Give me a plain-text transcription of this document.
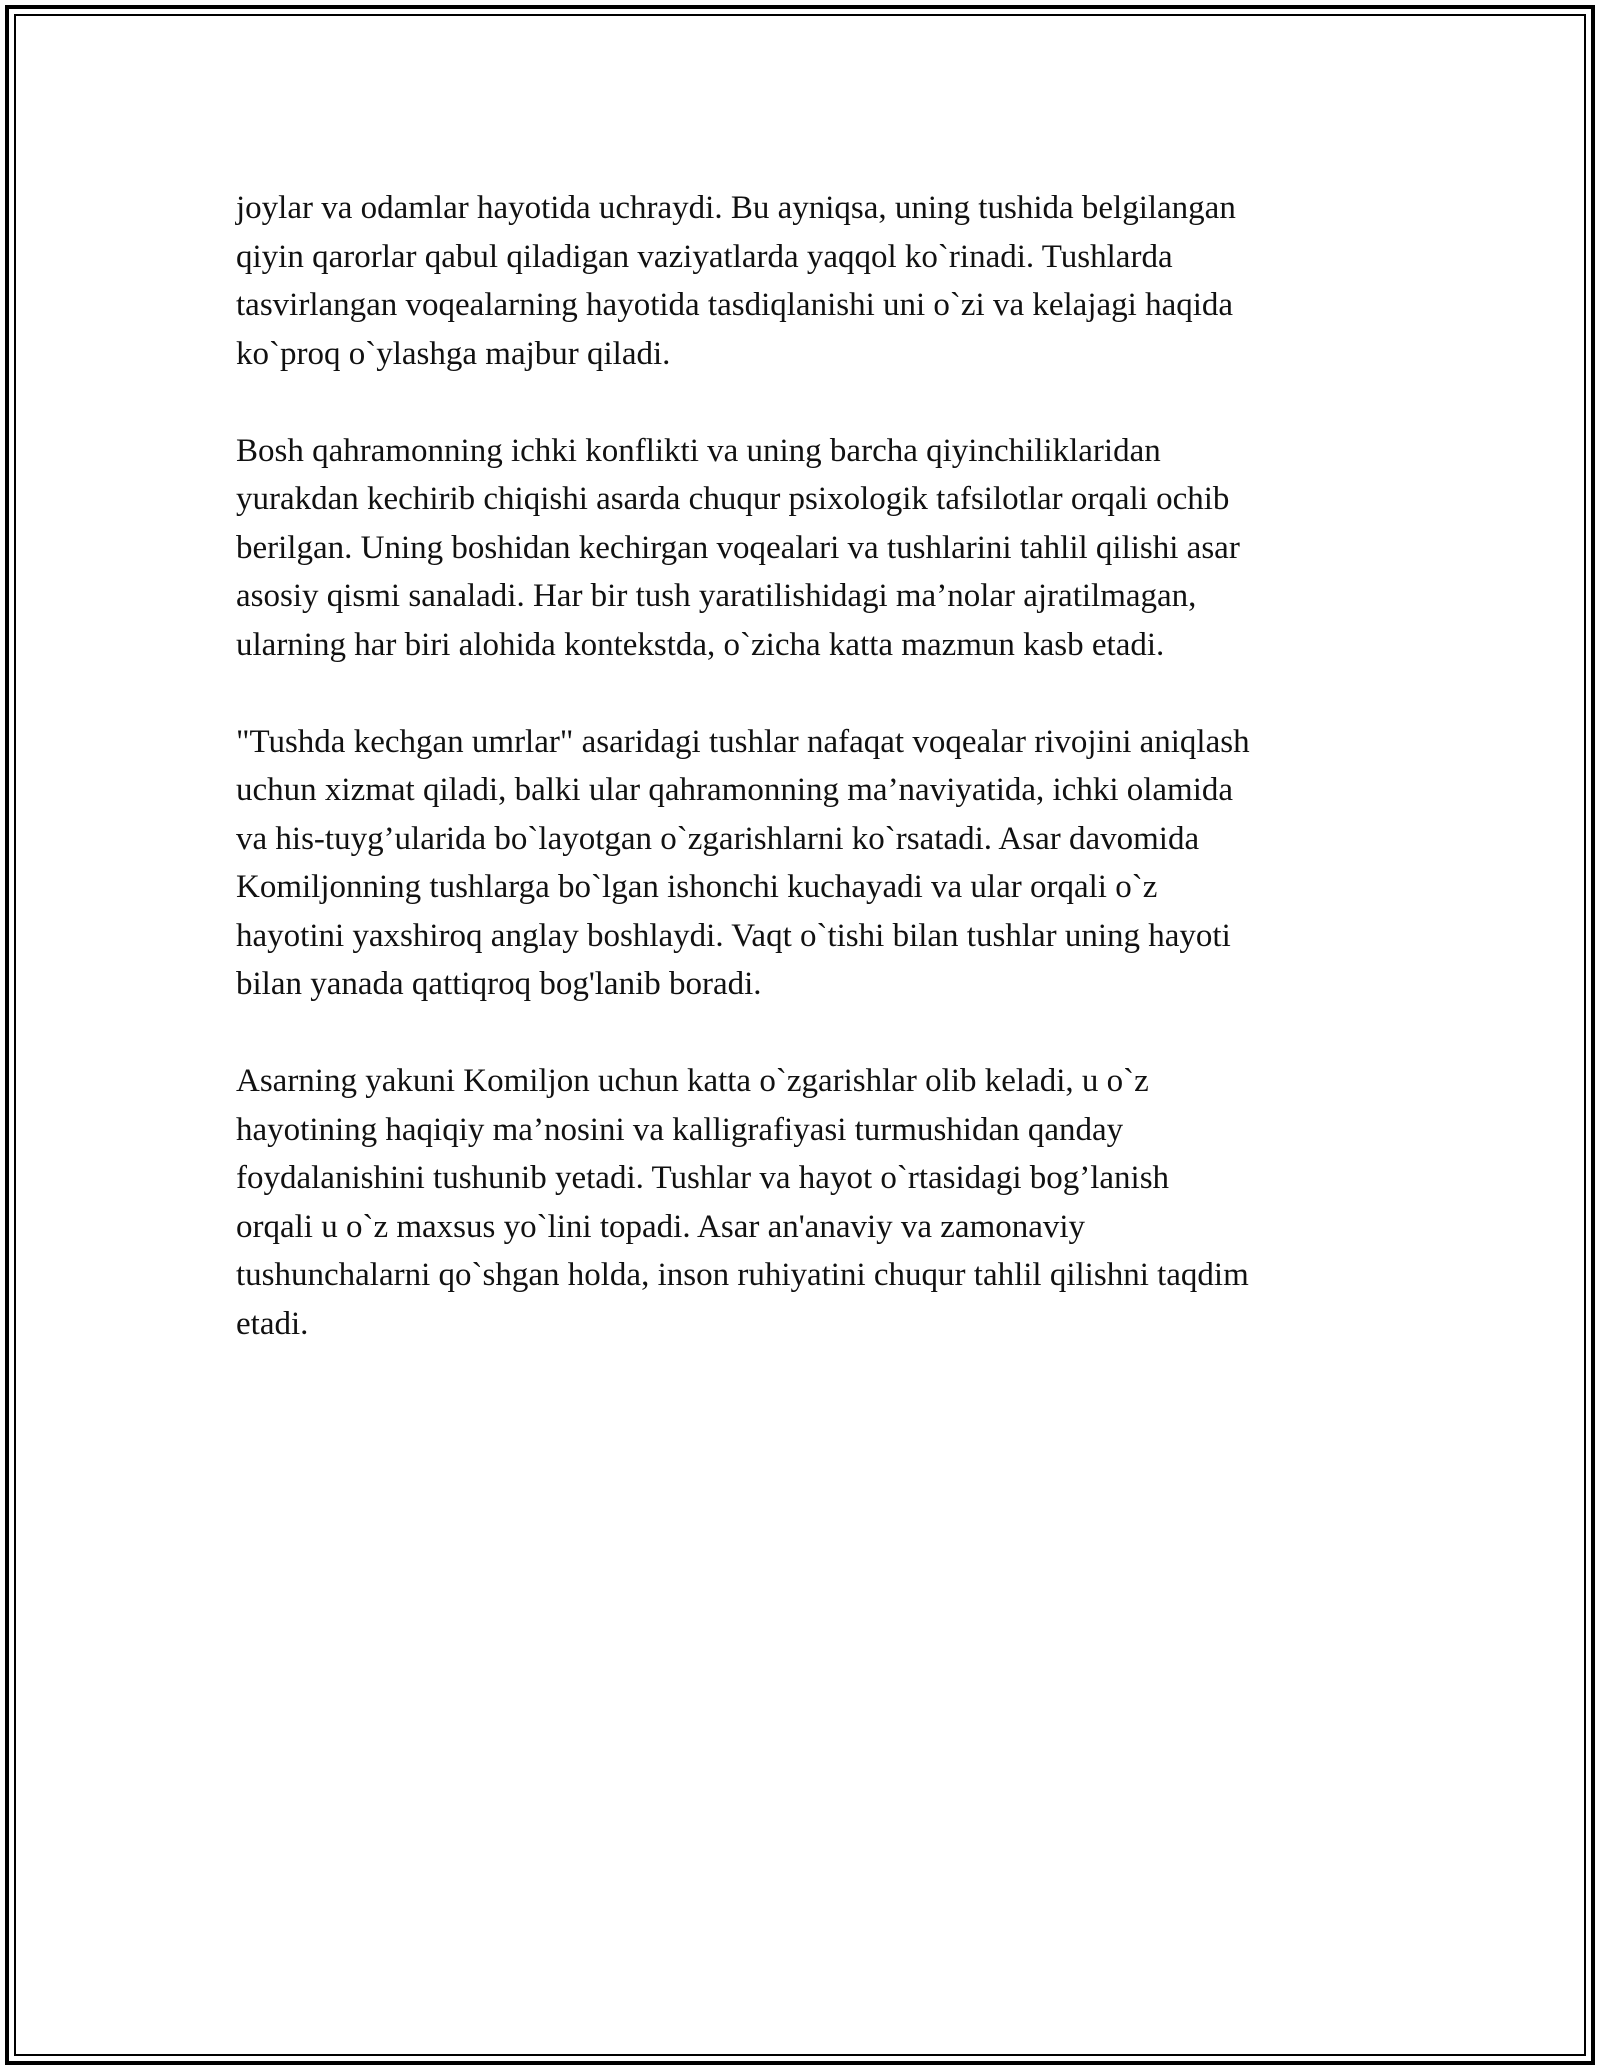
joylar va odamlar hayotida uchraydi. Bu ayniqsa, uning tushida belgilangan
qiyin qarorlar qabul qiladigan vaziyatlarda yaqqol ko`rinadi. Tushlarda
tasvirlangan voqealarning hayotida tasdiqlanishi uni o`zi va kelajagi haqida
ko`proq o`ylashga majbur qiladi.

Bosh qahramonning ichki konflikti va uning barcha qiyinchiliklaridan
yurakdan kechirib chiqishi asarda chuqur psixologik tafsilotlar orqali ochib
berilgan. Uning boshidan kechirgan voqealari va tushlarini tahlil qilishi asar
asosiy qismi sanaladi. Har bir tush yaratilishidagi ma’nolar ajratilmagan,
ularning har biri alohida kontekstda, o`zicha katta mazmun kasb etadi.

"Tushda kechgan umrlar" asaridagi tushlar nafaqat voqealar rivojini aniqlash
uchun xizmat qiladi, balki ular qahramonning ma’naviyatida, ichki olamida
va his-tuyg’ularida bo`layotgan o`zgarishlarni ko`rsatadi. Asar davomida
Komiljonning tushlarga bo`lgan ishonchi kuchayadi va ular orqali o`z
hayotini yaxshiroq anglay boshlaydi. Vaqt o`tishi bilan tushlar uning hayoti
bilan yanada qattiqroq bog'lanib boradi.

Asarning yakuni Komiljon uchun katta o`zgarishlar olib keladi, u o`z
hayotining haqiqiy ma’nosini va kalligrafiyasi turmushidan qanday
foydalanishini tushunib yetadi. Tushlar va hayot o`rtasidagi bog’lanish
orqali u o`z maxsus yo`lini topadi. Asar an'anaviy va zamonaviy
tushunchalarni qo`shgan holda, inson ruhiyatini chuqur tahlil qilishni taqdim
etadi.
